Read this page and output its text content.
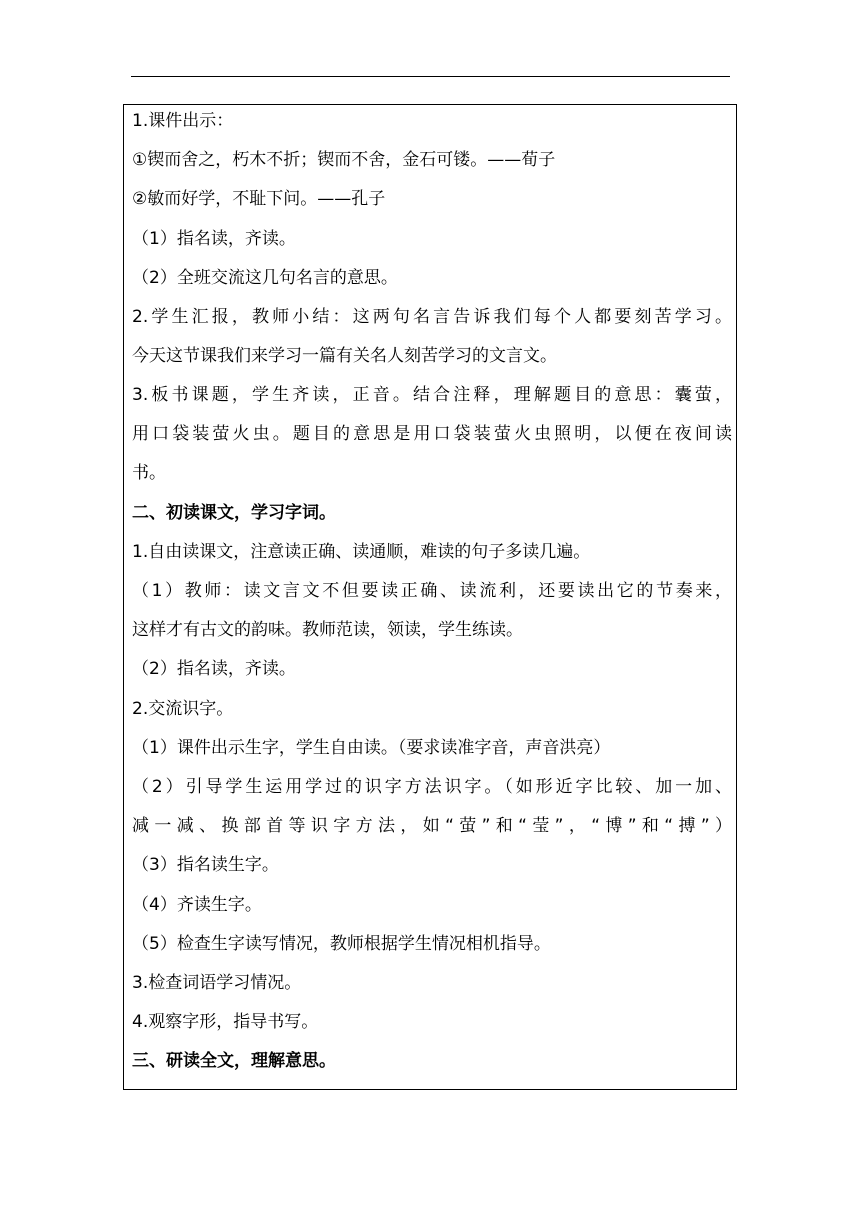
1.课件出示：
①锲而舍之，朽木不折；锲而不舍，金石可镂。——荀子
②敏而好学，不耻下问。——孔子
（1）指名读，齐读。
（2）全班交流这几句名言的意思。
2.学生汇报，教师小结：这两句名言告诉我们每个人都要刻苦学习。
今天这节课我们来学习一篇有关名人刻苦学习的文言文。
3.板书课题，学生齐读，正音。结合注释，理解题目的意思：囊萤，
用口袋装萤火虫。题目的意思是用口袋装萤火虫照明，以便在夜间读
书。
二、初读课文，学习字词。
1.自由读课文，注意读正确、读通顺，难读的句子多读几遍。
（1）教师：读文言文不但要读正确、读流利，还要读出它的节奏来，
这样才有古文的韵味。教师范读，领读，学生练读。
（2）指名读，齐读。
2.交流识字。
（1）课件出示生字，学生自由读。（要求读准字音，声音洪亮）
（2）引导学生运用学过的识字方法识字。（如形近字比较、加一加、
减一减、换部首等识字方法，如“萤”和“莹”，“博”和“搏”）
（3）指名读生字。
（4）齐读生字。
（5）检查生字读写情况，教师根据学生情况相机指导。
3.检查词语学习情况。
4.观察字形，指导书写。
三、研读全文，理解意思。
